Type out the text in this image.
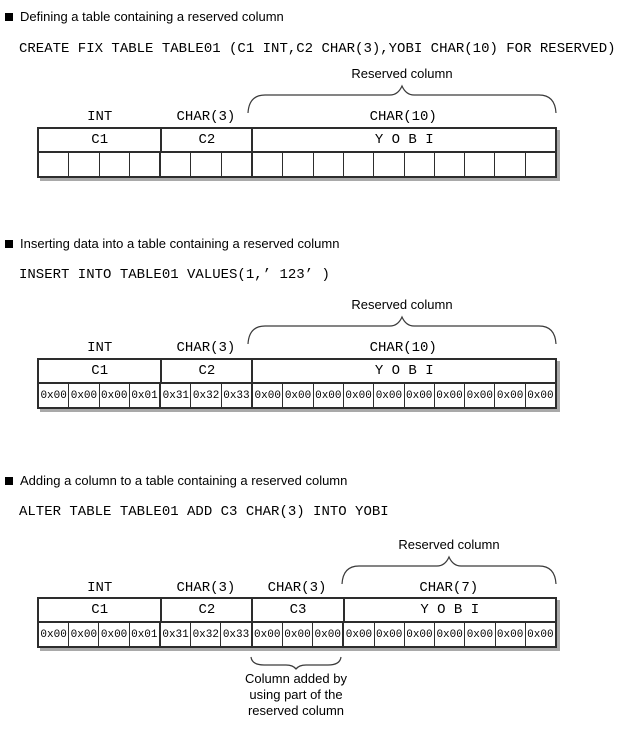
Defining a table containing a reserved column
CREATE FIX TABLE TABLE01 (C1 INT,C2 CHAR(3),YOBI CHAR(10) FOR RESERVED)
Reserved column
INT	CHAR(3)	CHAR(10)
C1	C2	Y O B I
Inserting data into a table containing a reserved column
INSERT INTO TABLE01 VALUES(1,’ 123’ )
Reserved column
INT	CHAR(3)	CHAR(10)
C1	C2	Y O B I
0x00 0x00 0x00 0x01 0x31 0x32 0x33 0x00 0x00 0x00 0x00 0x00 0x00 0x00 0x00 0x00 0x00
Adding a column to a table containing a reserved column
ALTER TABLE TABLE01 ADD C3 CHAR(3) INTO YOBI
Reserved column
INT	CHAR(3)	CHAR(3)	CHAR(7)
C1	C2	C3	Y O B I
0x00 0x00 0x00 0x01 0x31 0x32 0x33 0x00 0x00 0x00 0x00 0x00 0x00 0x00 0x00 0x00 0x00
Column added by
using part of the
reserved column
